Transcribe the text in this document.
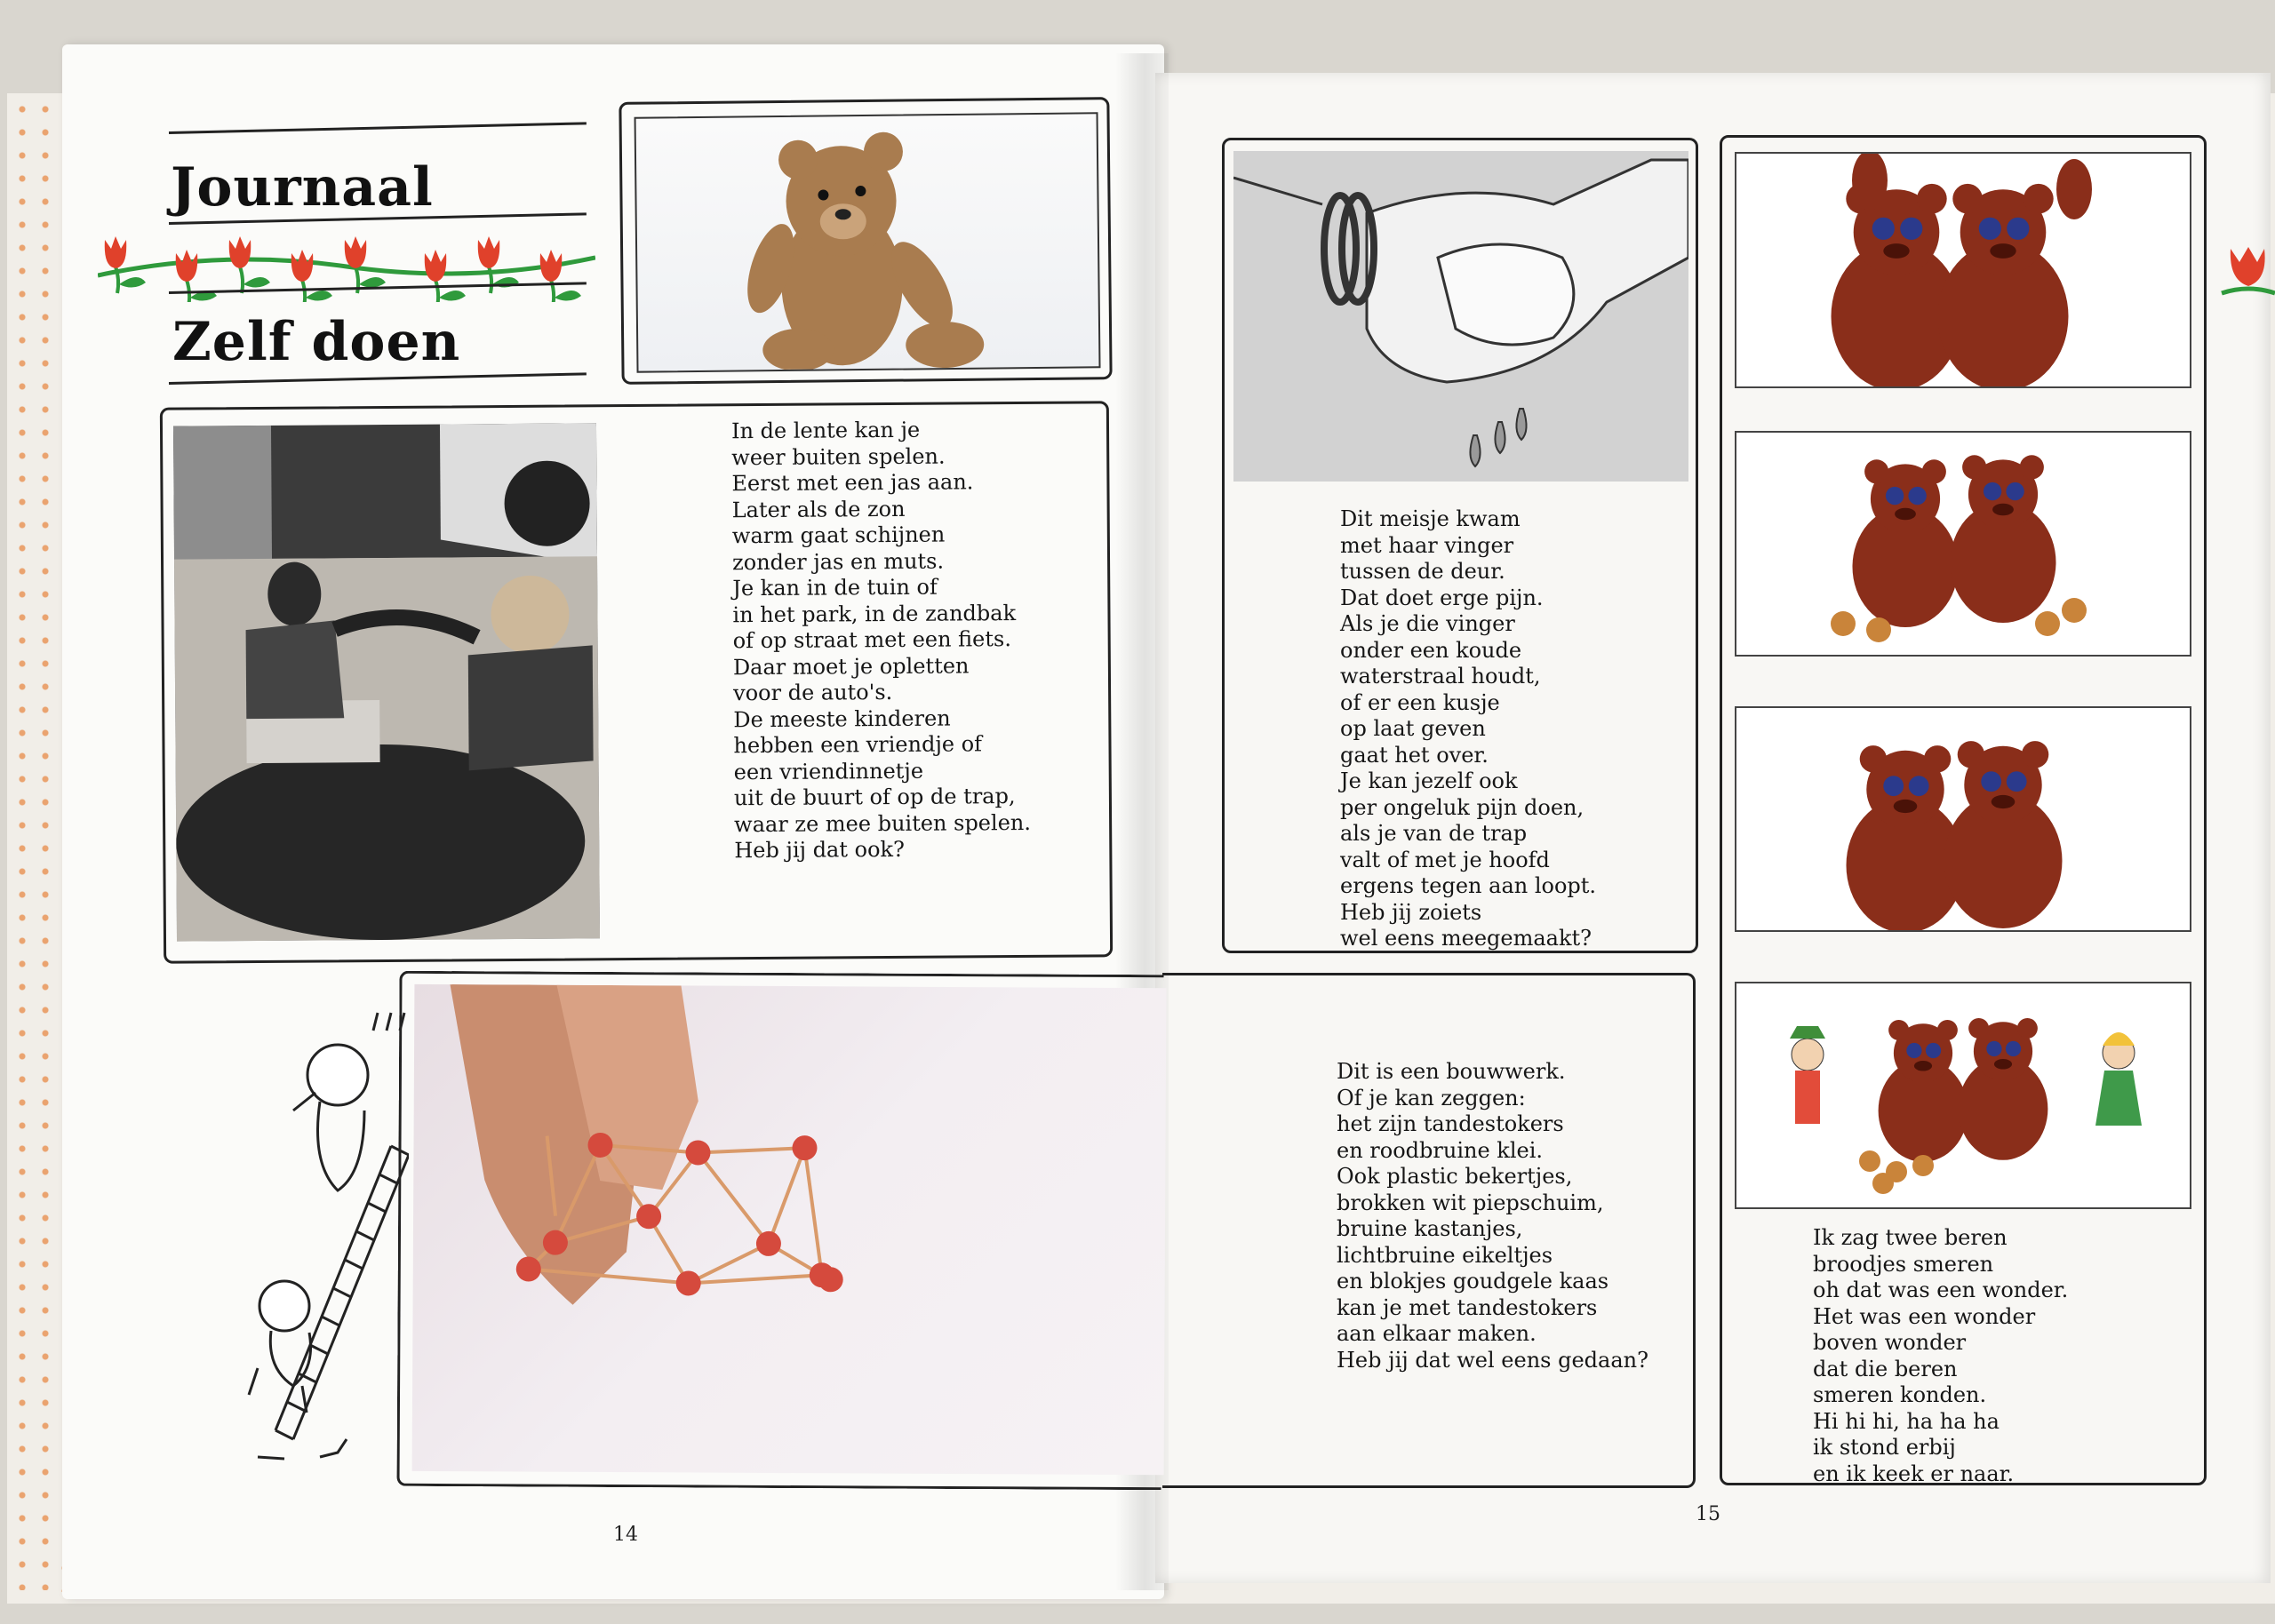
Journaal
Zelf doen
In de lente kan je
weer buiten spelen.
Eerst met een jas aan.
Later als de zon
warm gaat schijnen
zonder jas en muts.
Je kan in de tuin of
in het park, in de zandbak
of op straat met een fiets.
Daar moet je opletten
voor de auto's.
De meeste kinderen
hebben een vriendje of
een vriendinnetje
uit de buurt of op de trap,
waar ze mee buiten spelen.
Heb jij dat ook?
14
Dit meisje kwam
met haar vinger
tussen de deur.
Dat doet erge pijn.
Als je die vinger
onder een koude
waterstraal houdt,
of er een kusje
op laat geven
gaat het over.
Je kan jezelf ook
per ongeluk pijn doen,
als je van de trap
valt of met je hoofd
ergens tegen aan loopt.
Heb jij zoiets
wel eens meegemaakt?
Dit is een bouwwerk.
Of je kan zeggen:
het zijn tandestokers
en roodbruine klei.
Ook plastic bekertjes,
brokken wit piepschuim,
bruine kastanjes,
lichtbruine eikeltjes
en blokjes goudgele kaas
kan je met tandestokers
aan elkaar maken.
Heb jij dat wel eens gedaan?
Ik zag twee beren
broodjes smeren
oh dat was een wonder.
Het was een wonder
boven wonder
dat die beren
smeren konden.
Hi hi hi, ha ha ha
ik stond erbij
en ik keek er naar.
15
